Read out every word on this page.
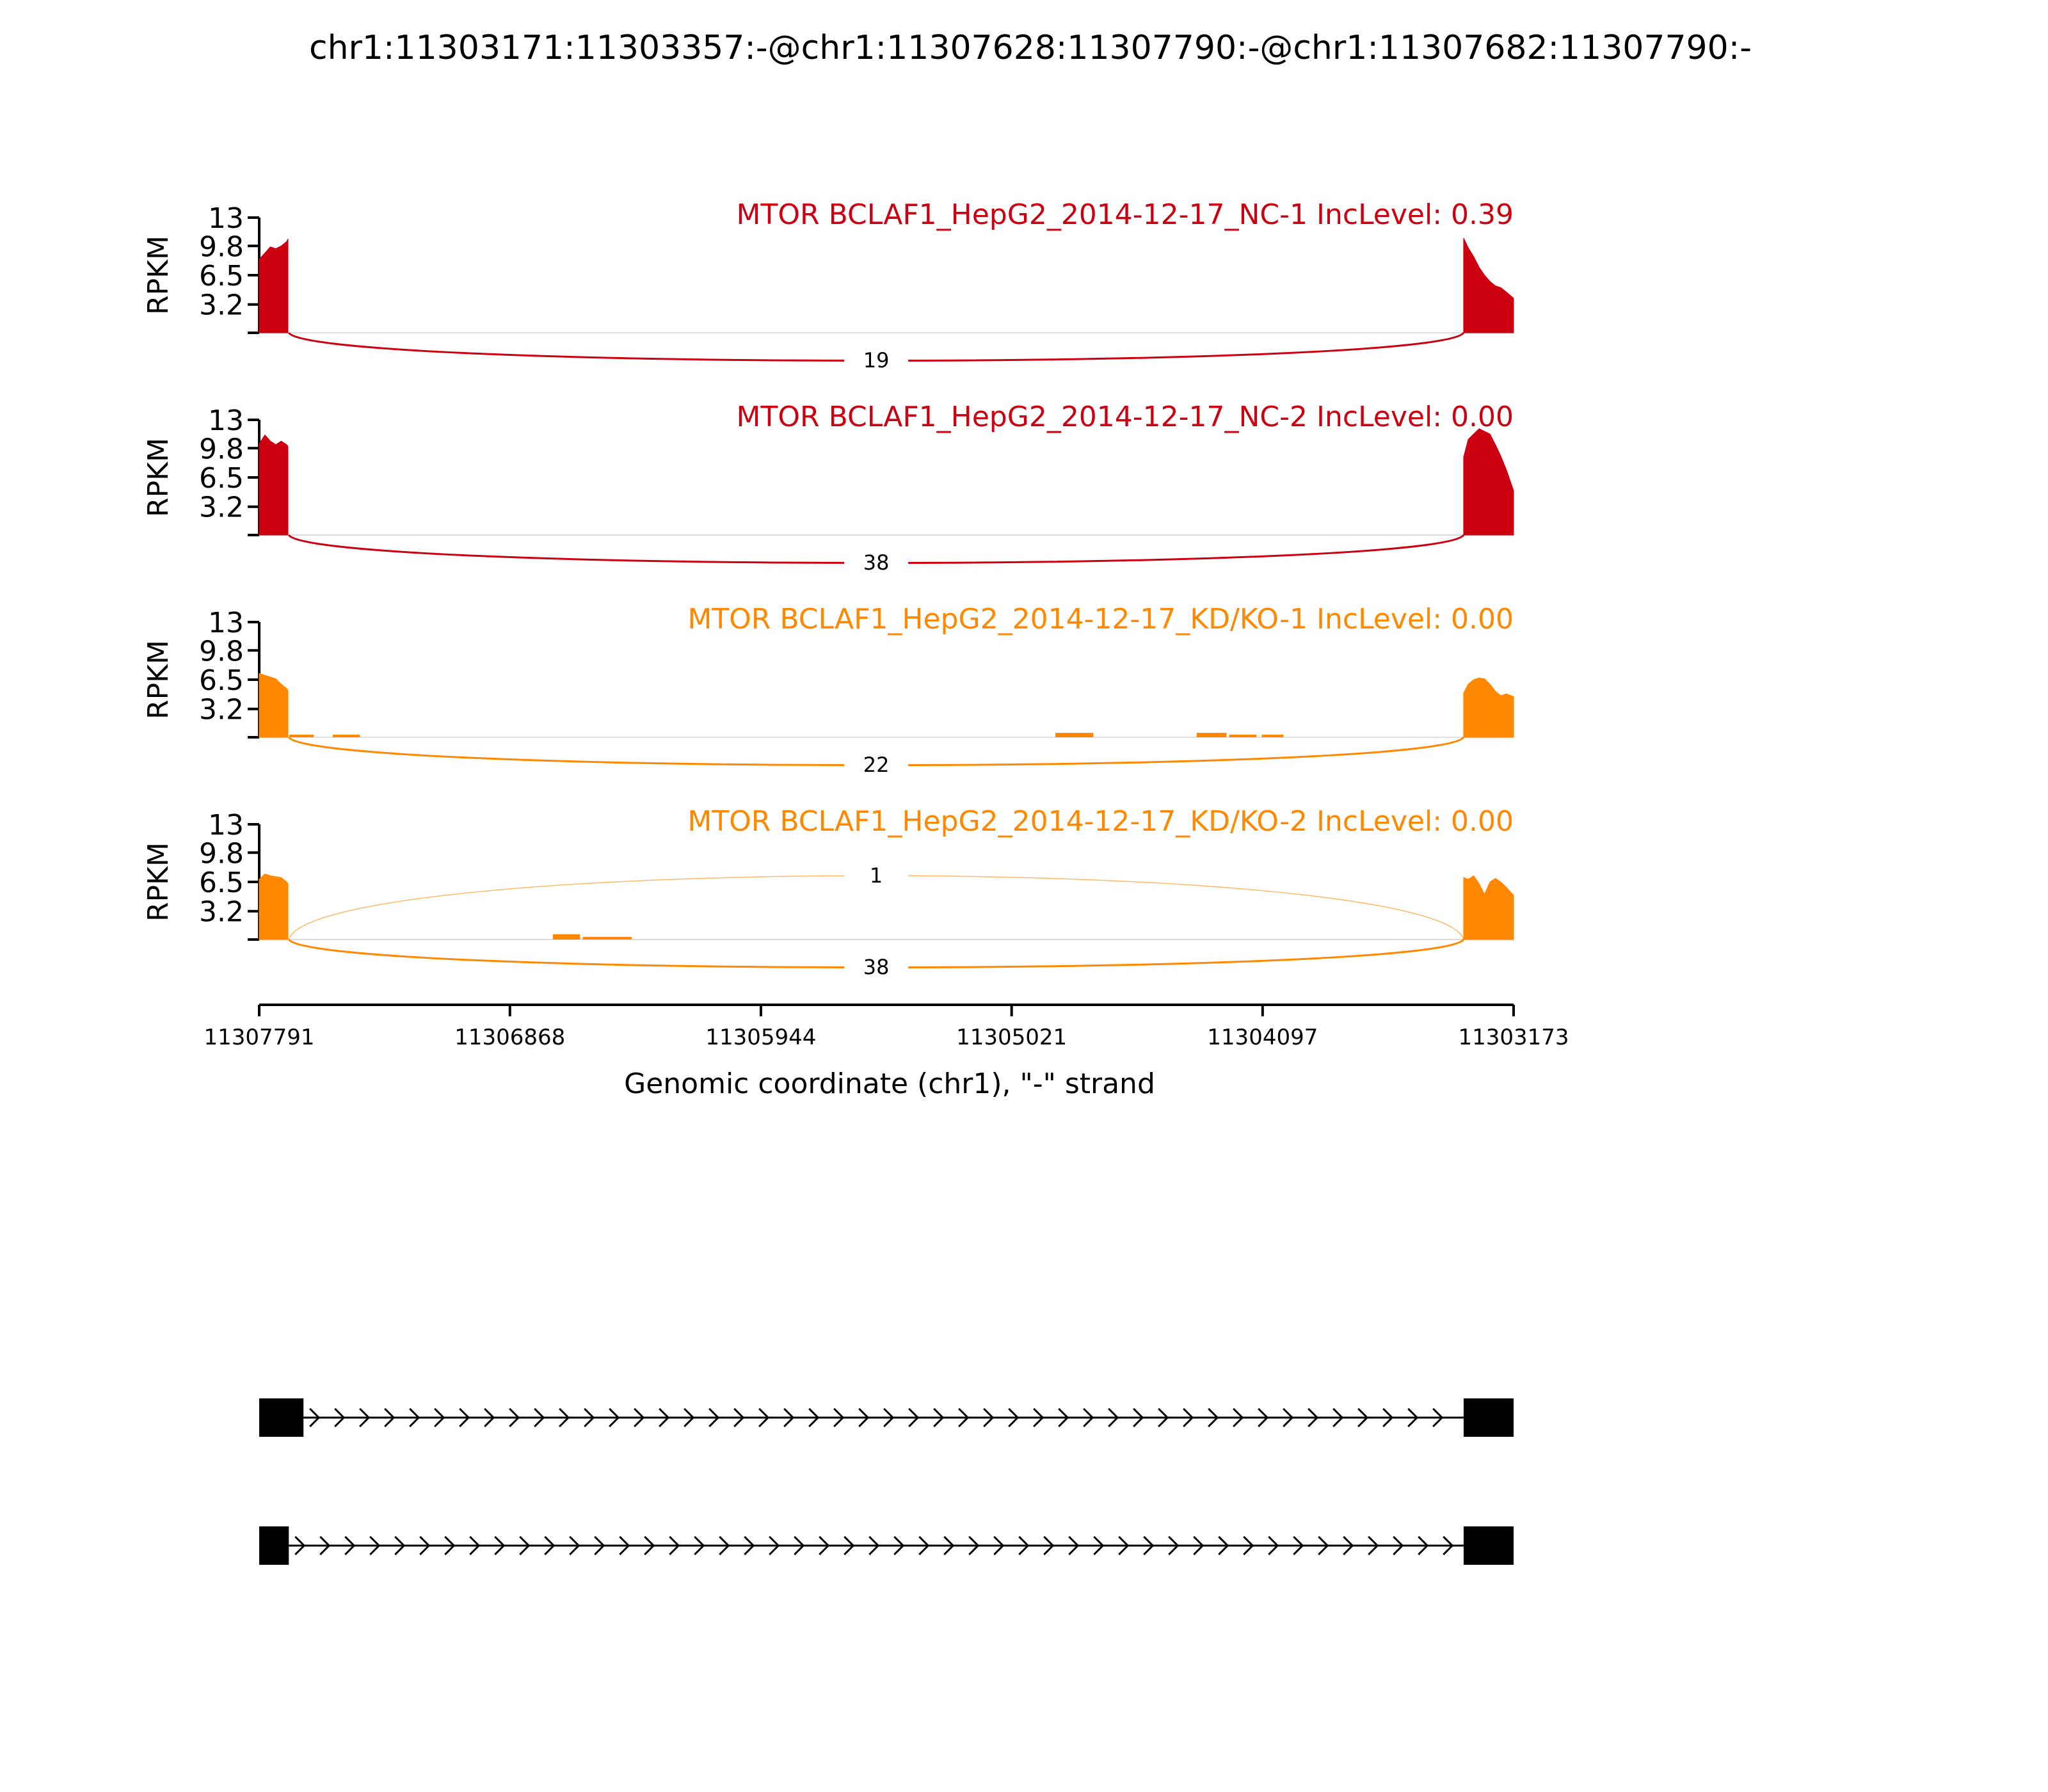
chr1:11303171:11303357:-@chr1:11307628:11307790:-@chr1:11307682:11307790:-
13
9.8
6.5
3.2
RPKM
MTOR BCLAF1_HepG2_2014-12-17_NC-1 IncLevel: 0.39
19
13
9.8
6.5
3.2
RPKM
MTOR BCLAF1_HepG2_2014-12-17_NC-2 IncLevel: 0.00
38
13
9.8
6.5
3.2
RPKM
MTOR BCLAF1_HepG2_2014-12-17_KD/KO-1 IncLevel: 0.00
22
13
9.8
6.5
3.2
RPKM
MTOR BCLAF1_HepG2_2014-12-17_KD/KO-2 IncLevel: 0.00
1
38
11307791	11306868	11305944	11305021	11304097	11303173
Genomic coordinate (chr1), "-" strand
